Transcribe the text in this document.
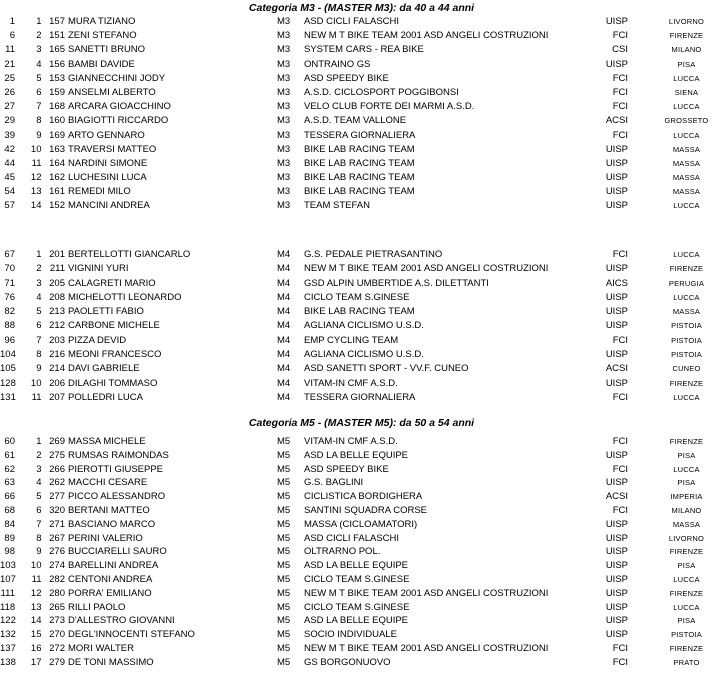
Categoria M3 - (MASTER M3): da 40 a 44 anni
1	1 157 MURA TIZIANO	M3	ASD CICLI FALASCHI	UISP	LIVORNO
6	2 151 ZENI STEFANO	M3	NEW M T BIKE TEAM 2001 ASD ANGELI COSTRUZIONI	FCI	FIRENZE
11	3 165 SANETTI BRUNO	M3	SYSTEM CARS - REA BIKE	CSI	MILANO
21	4 156 BAMBI DAVIDE	M3	ONTRAINO GS	UISP	PISA
25	5 153 GIANNECCHINI JODY	M3	ASD SPEEDY BIKE	FCI	LUCCA
26	6 159 ANSELMI ALBERTO	M3	A.S.D. CICLOSPORT POGGIBONSI	FCI	SIENA
27	7 168 ARCARA GIOACCHINO	M3	VELO CLUB FORTE DEI MARMI A.S.D.	FCI	LUCCA
29	8 160 BIAGIOTTI RICCARDO	M3	A.S.D. TEAM VALLONE	ACSI	GROSSETO
39	9 169 ARTO GENNARO	M3	TESSERA GIORNALIERA	FCI	LUCCA
42	10 163 TRAVERSI MATTEO	M3	BIKE LAB RACING TEAM	UISP	MASSA
44	11 164 NARDINI SIMONE	M3	BIKE LAB RACING TEAM	UISP	MASSA
45	12 162 LUCHESINI LUCA	M3	BIKE LAB RACING TEAM	UISP	MASSA
54	13 161 REMEDI MILO	M3	BIKE LAB RACING TEAM	UISP	MASSA
57	14 152 MANCINI ANDREA	M3	TEAM STEFAN	UISP	LUCCA
67	1 201 BERTELLOTTI GIANCARLO	M4	G.S. PEDALE PIETRASANTINO	FCI	LUCCA
70	2 211 VIGNINI YURI	M4	NEW M T BIKE TEAM 2001 ASD ANGELI COSTRUZIONI	UISP	FIRENZE
71	3 205 CALAGRETI MARIO	M4	GSD ALPIN UMBERTIDE A.S. DILETTANTI	AICS	PERUGIA
76	4 208 MICHELOTTI LEONARDO	M4	CICLO TEAM S.GINESE	UISP	LUCCA
82	5 213 PAOLETTI FABIO	M4	BIKE LAB RACING TEAM	UISP	MASSA
88	6 212 CARBONE MICHELE	M4	AGLIANA CICLISMO U.S.D.	UISP	PISTOIA
96	7 203 PIZZA DEVID	M4	EMP CYCLING TEAM	FCI	PISTOIA
104	8 216 MEONI FRANCESCO	M4	AGLIANA CICLISMO U.S.D.	UISP	PISTOIA
105	9 214 DAVI GABRIELE	M4	ASD SANETTI SPORT - VV.F. CUNEO	ACSI	CUNEO
128	10 206 DILAGHI TOMMASO	M4	VITAM-IN CMF A.S.D.	UISP	FIRENZE
131	11 207 POLLEDRI LUCA	M4	TESSERA GIORNALIERA	FCI	LUCCA
Categoria M5 - (MASTER M5): da 50 a 54 anni
60	1 269 MASSA MICHELE	M5	VITAM-IN CMF A.S.D.	FCI	FIRENZE
61	2 275 RUMSAS RAIMONDAS	M5	ASD LA BELLE EQUIPE	UISP	PISA
62	3 266 PIEROTTI GIUSEPPE	M5	ASD SPEEDY BIKE	FCI	LUCCA
63	4 262 MACCHI CESARE	M5	G.S. BAGLINI	UISP	PISA
66	5 277 PICCO ALESSANDRO	M5	CICLISTICA BORDIGHERA	ACSI	IMPERIA
68	6 320 BERTANI MATTEO	M5	SANTINI SQUADRA CORSE	FCI	MILANO
84	7 271 BASCIANO MARCO	M5	MASSA (CICLOAMATORI)	UISP	MASSA
89	8 267 PERINI VALERIO	M5	ASD CICLI FALASCHI	UISP	LIVORNO
98	9 276 BUCCIARELLI SAURO	M5	OLTRARNO POL.	UISP	FIRENZE
103	10 274 BARELLINI ANDREA	M5	ASD LA BELLE EQUIPE	UISP	PISA
107	11 282 CENTONI ANDREA	M5	CICLO TEAM S.GINESE	UISP	LUCCA
111	12 280 PORRA' EMILIANO	M5	NEW M T BIKE TEAM 2001 ASD ANGELI COSTRUZIONI	UISP	FIRENZE
118	13 265 RILLI PAOLO	M5	CICLO TEAM S.GINESE	UISP	LUCCA
122	14 273 D'ALLESTRO GIOVANNI	M5	ASD LA BELLE EQUIPE	UISP	PISA
132	15 270 DEGL'INNOCENTI STEFANO	M5	SOCIO INDIVIDUALE	UISP	PISTOIA
137	16 272 MORI WALTER	M5	NEW M T BIKE TEAM 2001 ASD ANGELI COSTRUZIONI	FCI	FIRENZE
138	17 279 DE TONI MASSIMO	M5	GS BORGONUOVO	FCI	PRATO
